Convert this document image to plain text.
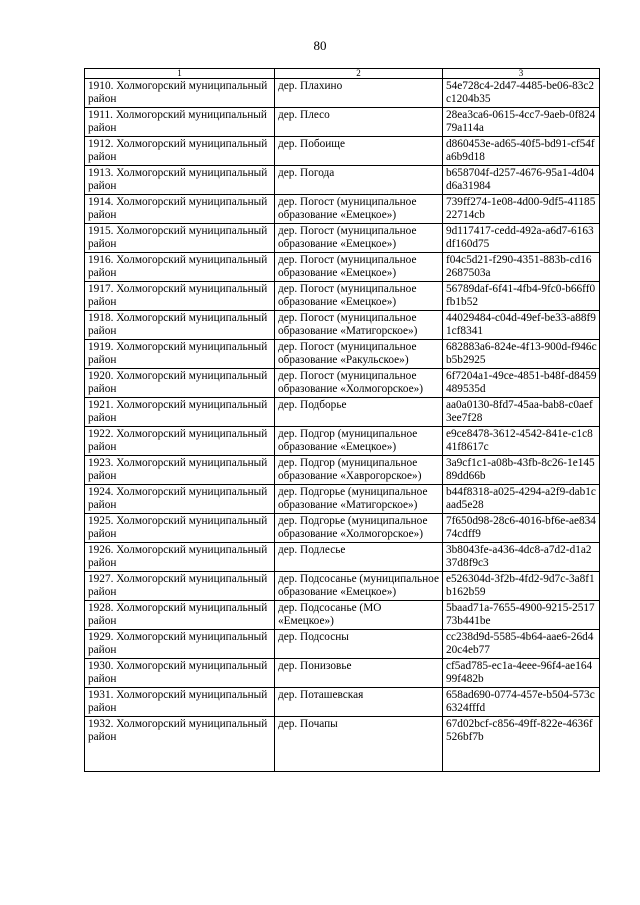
80
1	2	3
1910. Холмогорский муниципальный район	дер. Плахино	54e728c4-2d47-4485-be06-83c2c1204b35
1911. Холмогорский муниципальный район	дер. Плесо	28ea3ca6-0615-4cc7-9aeb-0f82479a114a
1912. Холмогорский муниципальный район	дер. Побоище	d860453e-ad65-40f5-bd91-cf54fa6b9d18
1913. Холмогорский муниципальный район	дер. Погода	b658704f-d257-4676-95a1-4d04d6a31984
1914. Холмогорский муниципальный район	дер. Погост (муниципальное образование «Емецкое»)	739ff274-1e08-4d00-9df5-4118522714cb
1915. Холмогорский муниципальный район	дер. Погост (муниципальное образование «Емецкое»)	9d117417-cedd-492a-a6d7-6163df160d75
1916. Холмогорский муниципальный район	дер. Погост (муниципальное образование «Емецкое»)	f04c5d21-f290-4351-883b-cd162687503a
1917. Холмогорский муниципальный район	дер. Погост (муниципальное образование «Емецкое»)	56789daf-6f41-4fb4-9fc0-b66ff0fb1b52
1918. Холмогорский муниципальный район	дер. Погост (муниципальное образование «Матигорское»)	44029484-c04d-49ef-be33-a88f91cf8341
1919. Холмогорский муниципальный район	дер. Погост (муниципальное образование «Ракульское»)	682883a6-824e-4f13-900d-f946cb5b2925
1920. Холмогорский муниципальный район	дер. Погост (муниципальное образование «Холмогорское»)	6f7204a1-49ce-4851-b48f-d8459489535d
1921. Холмогорский муниципальный район	дер. Подборье	aa0a0130-8fd7-45aa-bab8-c0aef3ee7f28
1922. Холмогорский муниципальный район	дер. Подгор (муниципальное образование «Емецкое»)	e9ce8478-3612-4542-841e-c1c841f8617c
1923. Холмогорский муниципальный район	дер. Подгор (муниципальное образование «Хаврогорское»)	3a9cf1c1-a08b-43fb-8c26-1e14589dd66b
1924. Холмогорский муниципальный район	дер. Подгорье (муниципальное образование «Матигорское»)	b44f8318-a025-4294-a2f9-dab1caad5e28
1925. Холмогорский муниципальный район	дер. Подгорье (муниципальное образование «Холмогорское»)	7f650d98-28c6-4016-bf6e-ae83474cdff9
1926. Холмогорский муниципальный район	дер. Подлесье	3b8043fe-a436-4dc8-a7d2-d1a237d8f9c3
1927. Холмогорский муниципальный район	дер. Подсосанье (муниципальное образование «Емецкое»)	e526304d-3f2b-4fd2-9d7c-3a8f1b162b59
1928. Холмогорский муниципальный район	дер. Подсосанье (МО «Емецкое»)	5baad71a-7655-4900-9215-251773b441be
1929. Холмогорский муниципальный район	дер. Подсосны	cc238d9d-5585-4b64-aae6-26d420c4eb77
1930. Холмогорский муниципальный район	дер. Понизовье	cf5ad785-ec1a-4eee-96f4-ae16499f482b
1931. Холмогорский муниципальный район	дер. Поташевская	658ad690-0774-457e-b504-573c6324fffd
1932. Холмогорский муниципальный район	дер. Почапы	67d02bcf-c856-49ff-822e-4636f526bf7b
